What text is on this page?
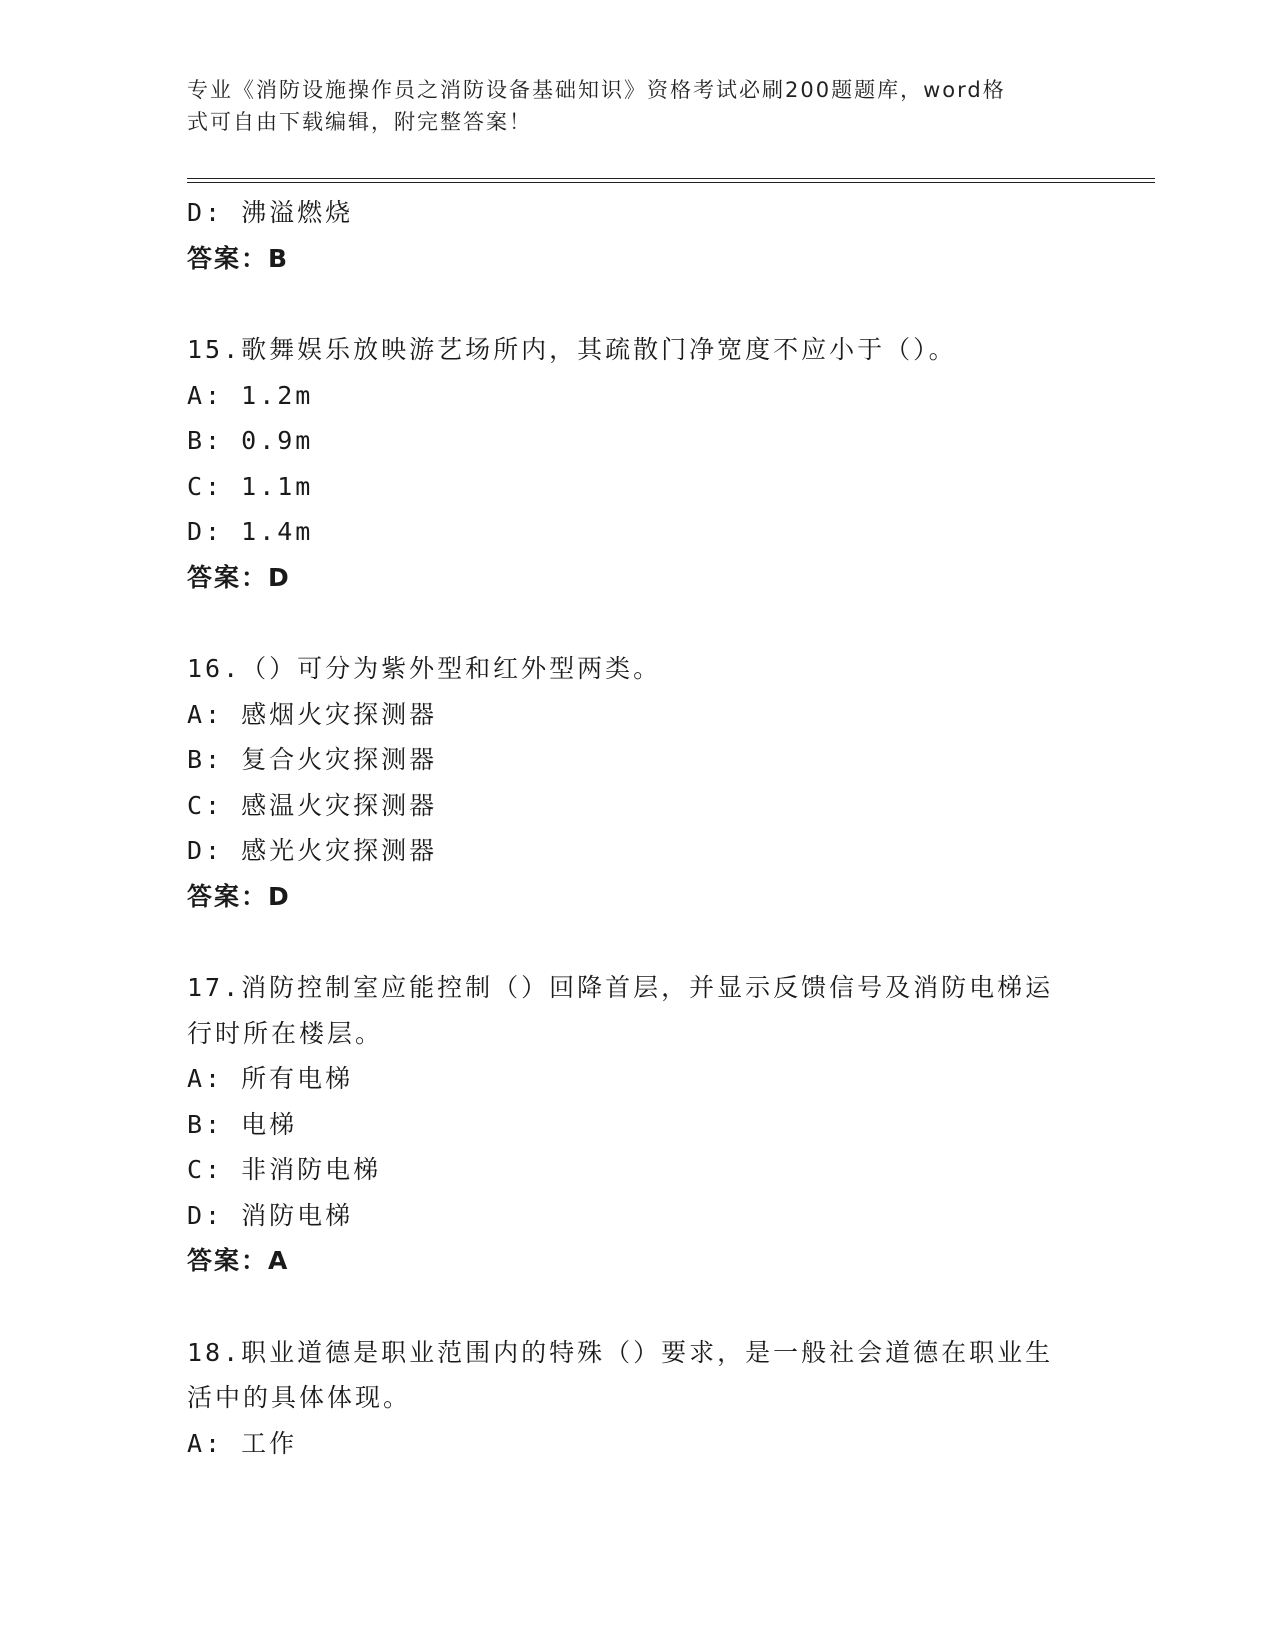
专业《消防设施操作员之消防设备基础知识》资格考试必刷200题题库，word格
式可自由下载编辑，附完整答案！
D: 沸溢燃烧
答案：B
15.歌舞娱乐放映游艺场所内，其疏散门净宽度不应小于（）。
A: 1.2m
B: 0.9m
C: 1.1m
D: 1.4m
答案：D
16.（）可分为紫外型和红外型两类。
A: 感烟火灾探测器
B: 复合火灾探测器
C: 感温火灾探测器
D: 感光火灾探测器
答案：D
17.消防控制室应能控制（）回降首层，并显示反馈信号及消防电梯运
行时所在楼层。
A: 所有电梯
B: 电梯
C: 非消防电梯
D: 消防电梯
答案：A
18.职业道德是职业范围内的特殊（）要求，是一般社会道德在职业生
活中的具体体现。
A: 工作
